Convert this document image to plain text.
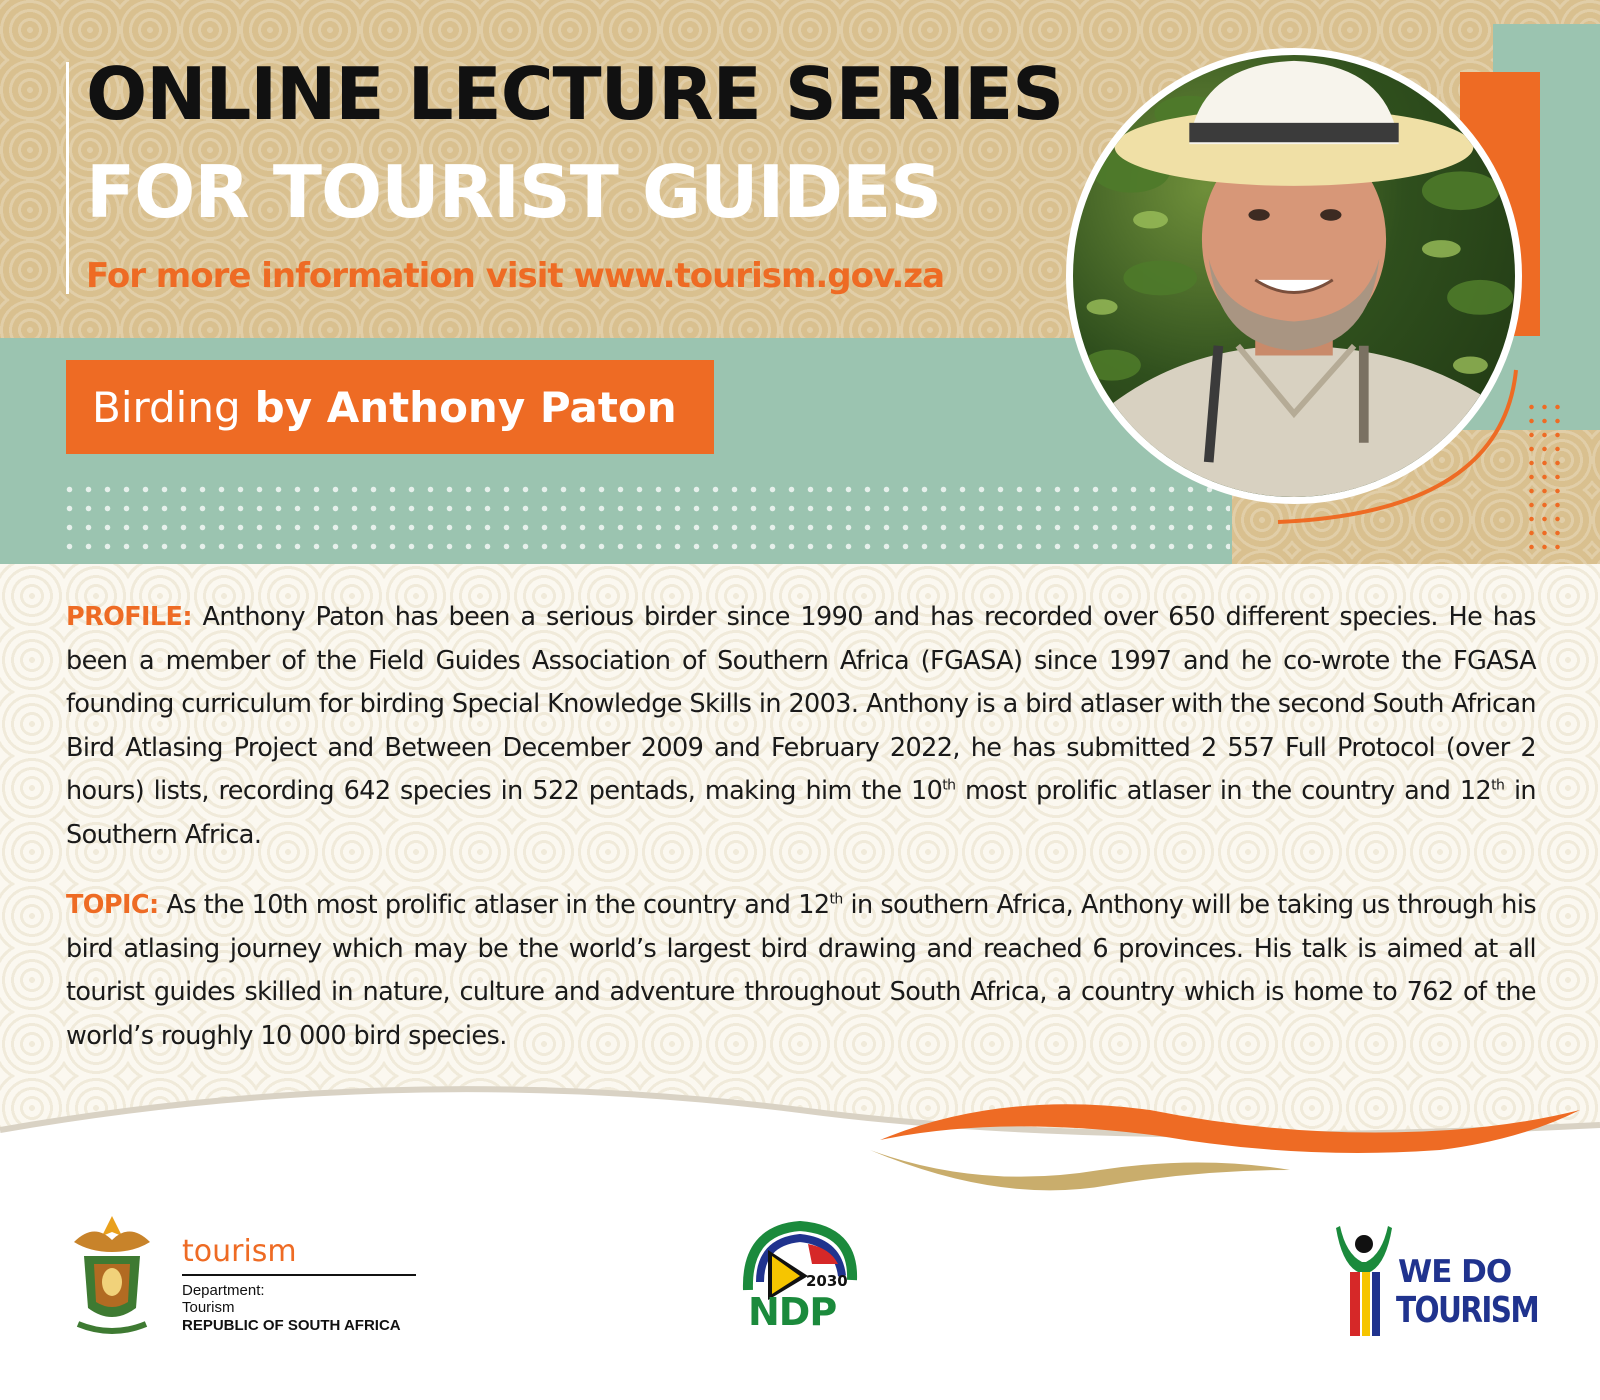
ONLINE LECTURE SERIES
FOR TOURIST GUIDES
For more information visit www.tourism.gov.za
Birding by Anthony Paton

PROFILE: Anthony Paton has been a serious birder since 1990 and has recorded over 650 different species. He has been a member of the Field Guides Association of Southern Africa (FGASA) since 1997 and he co-wrote the FGASA founding curriculum for birding Special Knowledge Skills in 2003. Anthony is a bird atlaser with the second South African Bird Atlasing Project and Between December 2009 and February 2022, he has submitted 2 557 Full Protocol (over 2 hours) lists, recording 642 species in 522 pentads, making him the 10th most prolific atlaser in the country and 12th in Southern Africa.

TOPIC: As the 10th most prolific atlaser in the country and 12th in southern Africa, Anthony will be taking us through his bird atlasing journey which may be the world’s largest bird drawing and reached 6 provinces. His talk is aimed at all tourist guides skilled in nature, culture and adventure throughout South Africa, a country which is home to 762 of the world’s roughly 10 000 bird species.

tourism
Department:
Tourism
REPUBLIC OF SOUTH AFRICA
2030
NDP
WE DO
TOURISM
